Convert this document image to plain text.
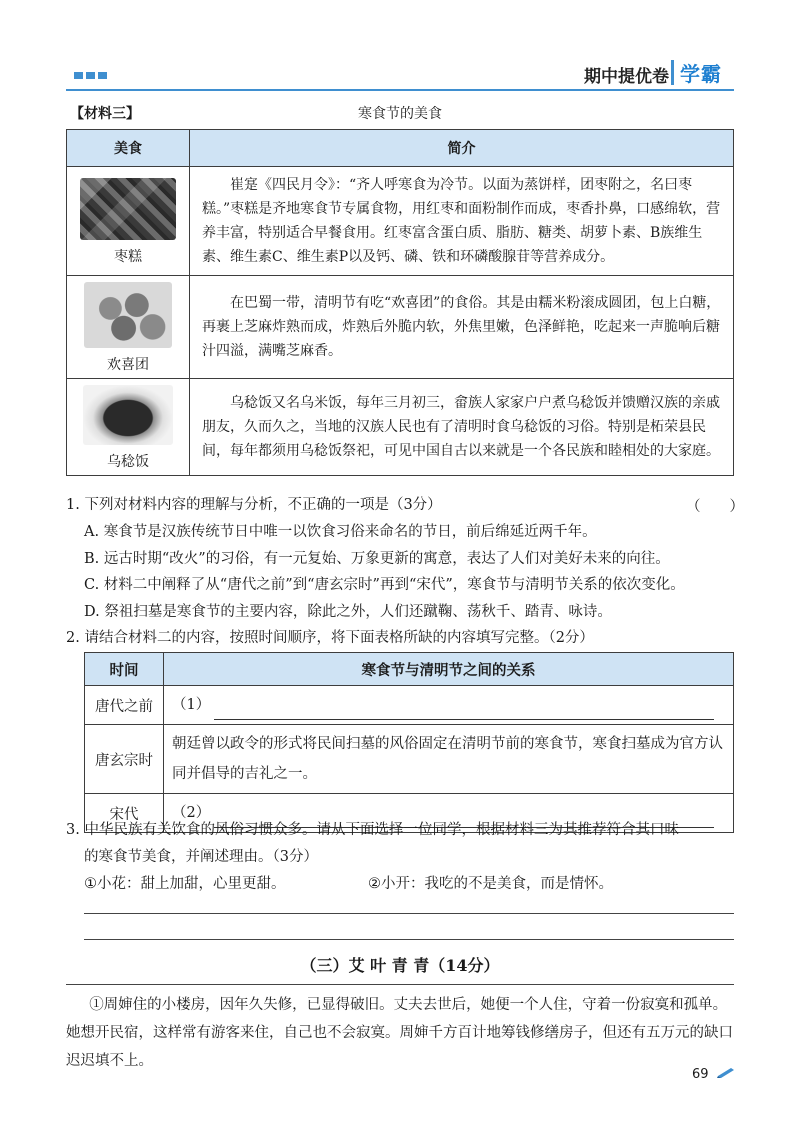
期中提优卷 学霸
【材料三】	寒食节的美食
美食	简介

枣糕	崔寔《四民月令》：“齐人呼寒食为冷节。以面为蒸饼样，团枣附之，名曰枣糕。”枣糕是齐地寒食节专属食物，用红枣和面粉制作而成，枣香扑鼻，口感绵软，营养丰富，特别适合早餐食用。红枣富含蛋白质、脂肪、糖类、胡萝卜素、B族维生素、维生素C、维生素P以及钙、磷、铁和环磷酸腺苷等营养成分。

欢喜团	在巴蜀一带，清明节有吃“欢喜团”的食俗。其是由糯米粉滚成圆团，包上白糖，再裹上芝麻炸熟而成，炸熟后外脆内软，外焦里嫩，色泽鲜艳，吃起来一声脆响后糖汁四溢，满嘴芝麻香。

乌稔饭	乌稔饭又名乌米饭，每年三月初三，畲族人家家户户煮乌稔饭并馈赠汉族的亲戚朋友，久而久之，当地的汉族人民也有了清明时食乌稔饭的习俗。特别是柘荣县民间，每年都须用乌稔饭祭祀，可见中国自古以来就是一个各民族和睦相处的大家庭。
1. 下列对材料内容的理解与分析，不正确的一项是（3分）	（　　）
A. 寒食节是汉族传统节日中唯一以饮食习俗来命名的节日，前后绵延近两千年。
B. 远古时期“改火”的习俗，有一元复始、万象更新的寓意，表达了人们对美好未来的向往。
C. 材料二中阐释了从“唐代之前”到“唐玄宗时”再到“宋代”，寒食节与清明节关系的依次变化。
D. 祭祖扫墓是寒食节的主要内容，除此之外，人们还蹴鞠、荡秋千、踏青、咏诗。
2. 请结合材料二的内容，按照时间顺序，将下面表格所缺的内容填写完整。（2分）
时间	寒食节与清明节之间的关系
唐代之前	（1）
唐玄宗时	朝廷曾以政令的形式将民间扫墓的风俗固定在清明节前的寒食节，寒食扫墓成为官方认同并倡导的吉礼之一。
宋代	（2）
3. 中华民族有关饮食的风俗习惯众多。请从下面选择一位同学，根据材料三为其推荐符合其口味
的寒食节美食，并阐述理由。（3分）
①小花：甜上加甜，心里更甜。	②小开：我吃的不是美食，而是情怀。
（三）艾 叶 青 青（14分）
①周婶住的小楼房，因年久失修，已显得破旧。丈夫去世后，她便一个人住，守着一份寂寞和孤单。她想开民宿，这样常有游客来住，自己也不会寂寞。周婶千方百计地筹钱修缮房子，但还有五万元的缺口迟迟填不上。
69
